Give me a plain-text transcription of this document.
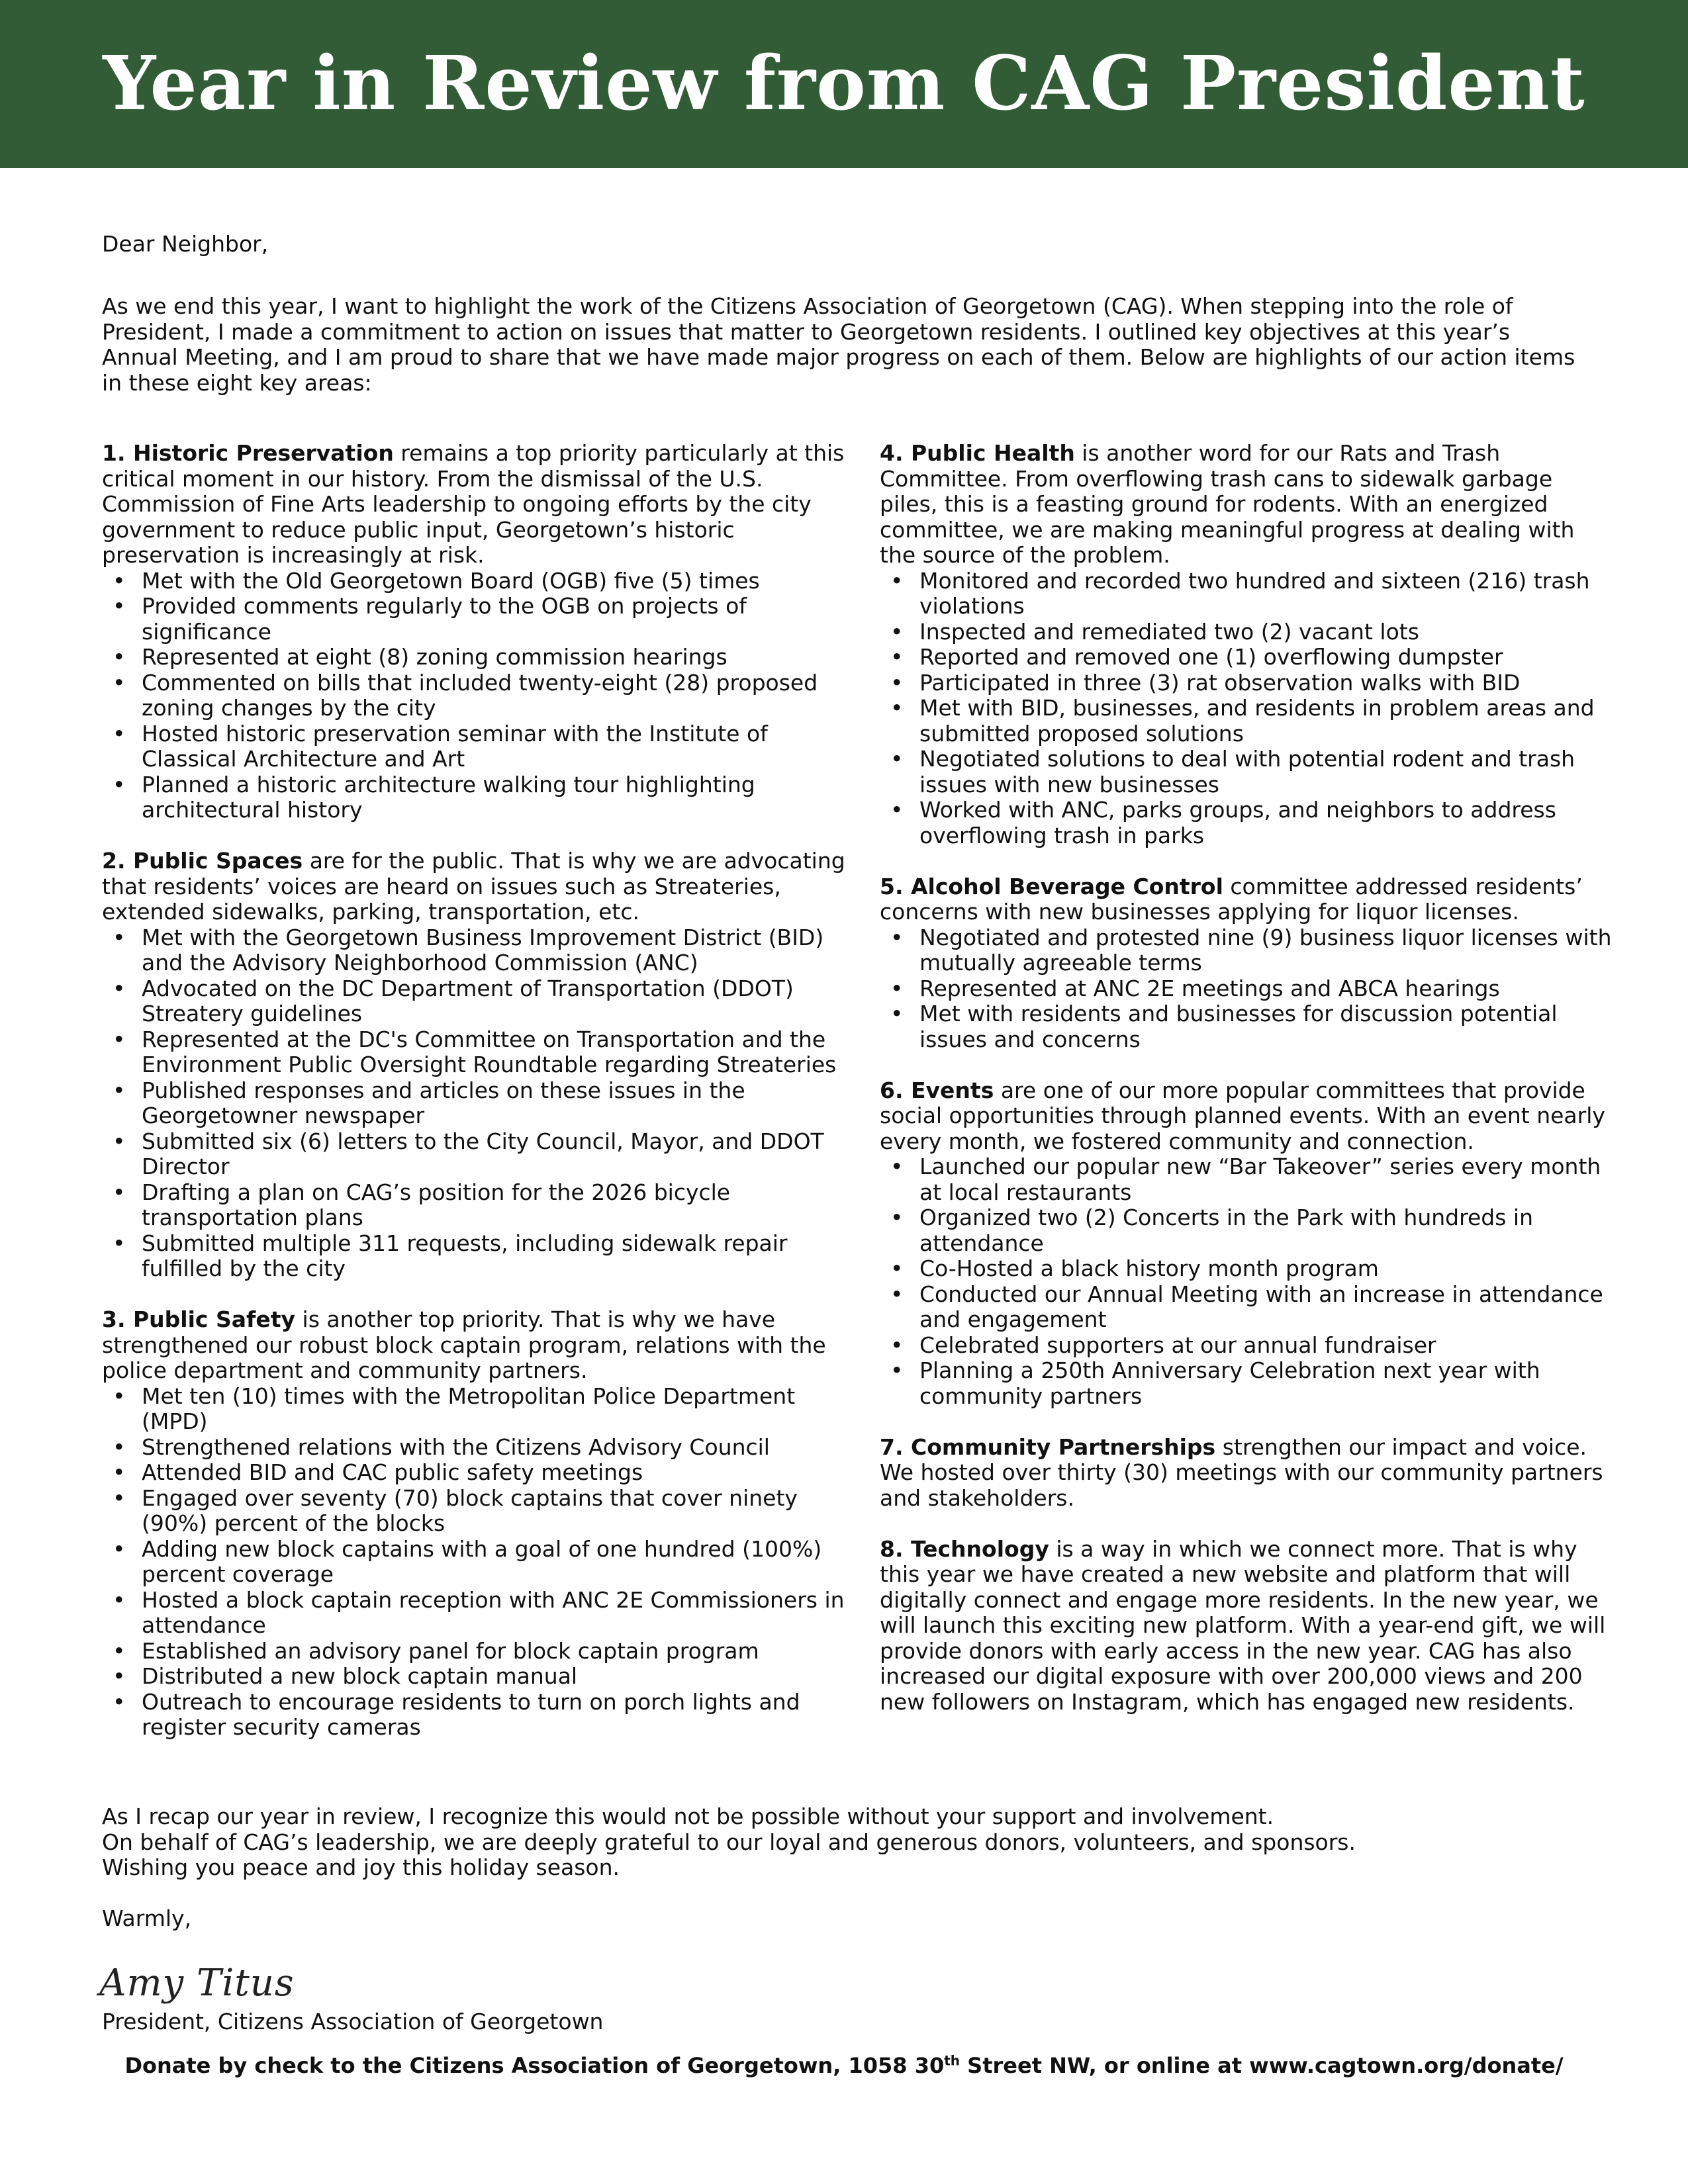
Year in Review from CAG President
Dear Neighbor,
As we end this year, I want to highlight the work of the Citizens Association of Georgetown (CAG). When stepping into the role of President, I made a commitment to action on issues that matter to Georgetown residents. I outlined key objectives at this year’s Annual Meeting, and I am proud to share that we have made major progress on each of them. Below are highlights of our action items in these eight key areas:

1. Historic Preservation remains a top priority particularly at this critical moment in our history. From the dismissal of the U.S. Commission of Fine Arts leadership to ongoing efforts by the city government to reduce public input, Georgetown’s historic preservation is increasingly at risk.

• Met with the Old Georgetown Board (OGB) five (5) times
• Provided comments regularly to the OGB on projects of significance
• Represented at eight (8) zoning commission hearings
• Commented on bills that included twenty-eight (28) proposed zoning changes by the city
• Hosted historic preservation seminar with the Institute of Classical Architecture and Art
• Planned a historic architecture walking tour highlighting architectural history

2. Public Spaces are for the public. That is why we are advocating that residents’ voices are heard on issues such as Streateries, extended sidewalks, parking, transportation, etc.

• Met with the Georgetown Business Improvement District (BID) and the Advisory Neighborhood Commission (ANC)
• Advocated on the DC Department of Transportation (DDOT) Streatery guidelines
• Represented at the DC's Committee on Transportation and the Environment Public Oversight Roundtable regarding Streateries
• Published responses and articles on these issues in the Georgetowner newspaper
• Submitted six (6) letters to the City Council, Mayor, and DDOT Director
• Drafting a plan on CAG’s position for the 2026 bicycle transportation plans
• Submitted multiple 311 requests, including sidewalk repair fulfilled by the city

3. Public Safety is another top priority. That is why we have strengthened our robust block captain program, relations with the police department and community partners.

• Met ten (10) times with the Metropolitan Police Department (MPD)
• Strengthened relations with the Citizens Advisory Council
• Attended BID and CAC public safety meetings
• Engaged over seventy (70) block captains that cover ninety (90%) percent of the blocks
• Adding new block captains with a goal of one hundred (100%) percent coverage
• Hosted a block captain reception with ANC 2E Commissioners in attendance
• Established an advisory panel for block captain program
• Distributed a new block captain manual
• Outreach to encourage residents to turn on porch lights and register security cameras

4. Public Health is another word for our Rats and Trash Committee. From overflowing trash cans to sidewalk garbage piles, this is a feasting ground for rodents. With an energized committee, we are making meaningful progress at dealing with the source of the problem.

• Monitored and recorded two hundred and sixteen (216) trash violations
• Inspected and remediated two (2) vacant lots
• Reported and removed one (1) overflowing dumpster
• Participated in three (3) rat observation walks with BID
• Met with BID, businesses, and residents in problem areas and submitted proposed solutions
• Negotiated solutions to deal with potential rodent and trash issues with new businesses
• Worked with ANC, parks groups, and neighbors to address overflowing trash in parks

5. Alcohol Beverage Control committee addressed residents’ concerns with new businesses applying for liquor licenses.

• Negotiated and protested nine (9) business liquor licenses with mutually agreeable terms
• Represented at ANC 2E meetings and ABCA hearings
• Met with residents and businesses for discussion potential issues and concerns

6. Events are one of our more popular committees that provide social opportunities through planned events. With an event nearly every month, we fostered community and connection.

• Launched our popular new “Bar Takeover” series every month at local restaurants
• Organized two (2) Concerts in the Park with hundreds in attendance
• Co-Hosted a black history month program
• Conducted our Annual Meeting with an increase in attendance and engagement
• Celebrated supporters at our annual fundraiser
• Planning a 250th Anniversary Celebration next year with community partners

7. Community Partnerships strengthen our impact and voice. We hosted over thirty (30) meetings with our community partners and stakeholders.

8. Technology is a way in which we connect more. That is why this year we have created a new website and platform that will digitally connect and engage more residents. In the new year, we will launch this exciting new platform. With a year-end gift, we will provide donors with early access in the new year. CAG has also increased our digital exposure with over 200,000 views and 200 new followers on Instagram, which has engaged new residents.

As I recap our year in review, I recognize this would not be possible without your support and involvement.

On behalf of CAG’s leadership, we are deeply grateful to our loyal and generous donors, volunteers, and sponsors.

Wishing you peace and joy this holiday season.

Warmly,
Amy Titus
President, Citizens Association of Georgetown
Donate by check to the Citizens Association of Georgetown, 1058 30th Street NW, or online at www.cagtown.org/donate/
